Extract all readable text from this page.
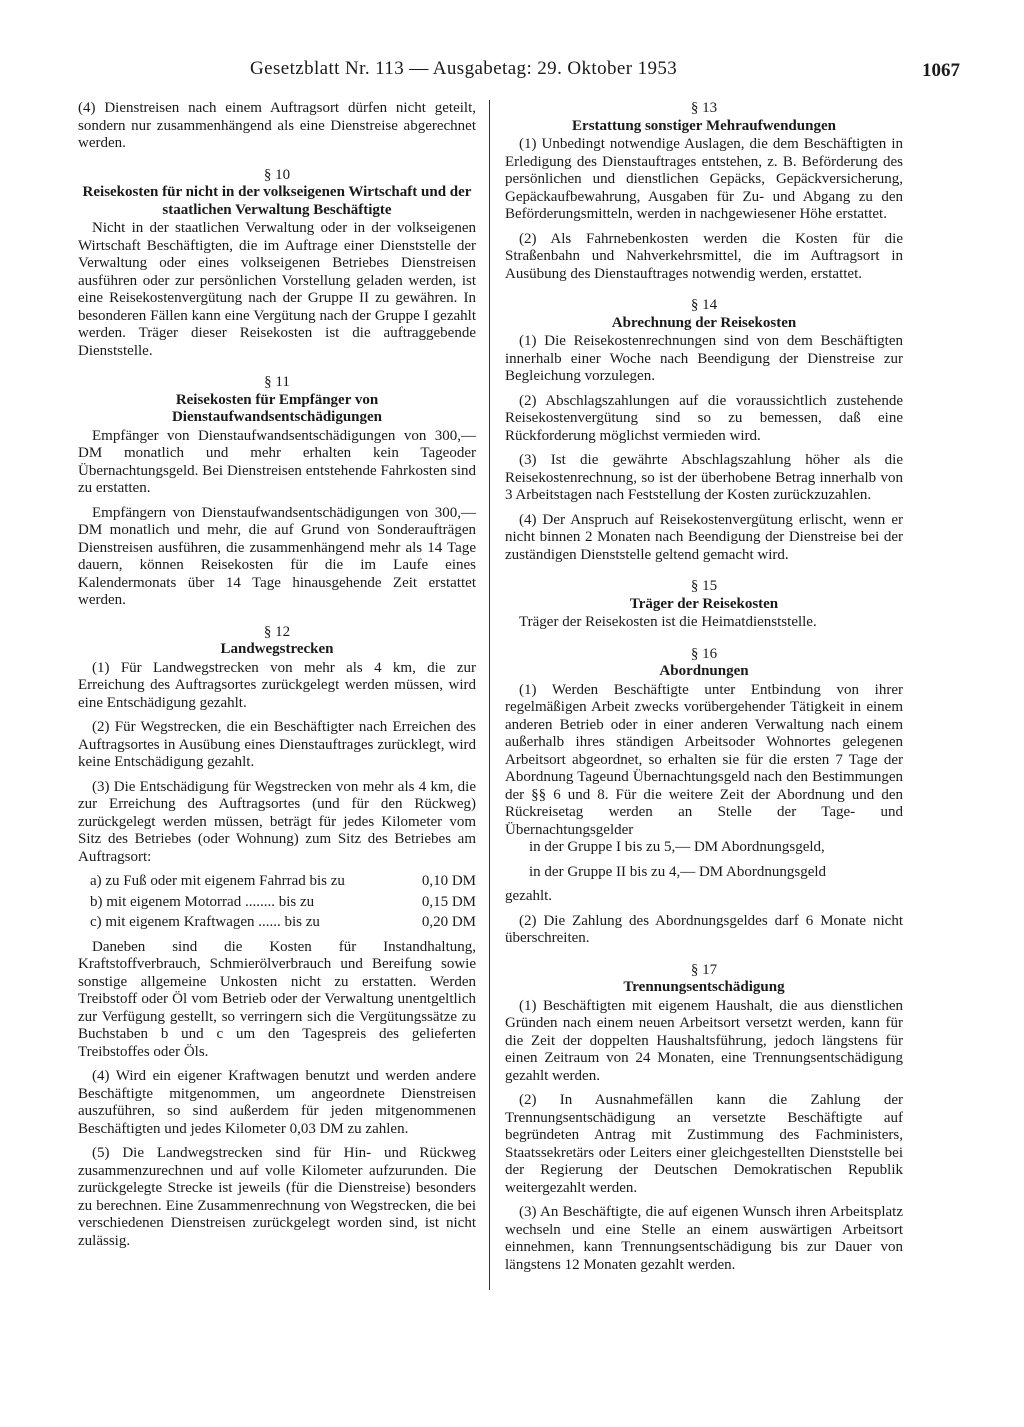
Gesetzblatt Nr. 113 — Ausgabetag: 29. Oktober 1953	1067

(4) Dienstreisen nach einem Auftragsort dürfen nicht geteilt, sondern nur zusammenhängend als eine Dienstreise abgerechnet werden.

§ 10
Reisekosten für nicht in der volkseigenen Wirtschaft und der staatlichen Verwaltung Beschäftigte

Nicht in der staatlichen Verwaltung oder in der volkseigenen Wirtschaft Beschäftigten, die im Auftrage einer Dienststelle der Verwaltung oder eines volkseigenen Betriebes Dienstreisen ausführen oder zur persönlichen Vorstellung geladen werden, ist eine Reisekostenvergütung nach der Gruppe II zu gewähren. In besonderen Fällen kann eine Vergütung nach der Gruppe I gezahlt werden. Träger dieser Reisekosten ist die auftraggebende Dienststelle.

§ 11
Reisekosten für Empfänger von Dienstaufwandsentschädigungen

Empfänger von Dienstaufwandsentschädigungen von 300,— DM monatlich und mehr erhalten kein Tageoder Übernachtungsgeld. Bei Dienstreisen entstehende Fahrkosten sind zu erstatten.

Empfängern von Dienstaufwandsentschädigungen von 300,— DM monatlich und mehr, die auf Grund von Sonderaufträgen Dienstreisen ausführen, die zusammenhängend mehr als 14 Tage dauern, können Reisekosten für die im Laufe eines Kalendermonats über 14 Tage hinausgehende Zeit erstattet werden.

§ 12
Landwegstrecken

(1) Für Landwegstrecken von mehr als 4 km, die zur Erreichung des Auftragsortes zurückgelegt werden müssen, wird eine Entschädigung gezahlt.

(2) Für Wegstrecken, die ein Beschäftigter nach Erreichen des Auftragsortes in Ausübung eines Dienstauftrages zurücklegt, wird keine Entschädigung gezahlt.

(3) Die Entschädigung für Wegstrecken von mehr als 4 km, die zur Erreichung des Auftragsortes (und für den Rückweg) zurückgelegt werden müssen, beträgt für jedes Kilometer vom Sitz des Betriebes (oder Wohnung) zum Sitz des Betriebes am Auftragsort:

a) zu Fuß oder mit eigenem Fahrrad bis zu	0,10 DM
b) mit eigenem Motorrad ........ bis zu	0,15 DM
c) mit eigenem Kraftwagen ...... bis zu	0,20 DM

Daneben sind die Kosten für Instandhaltung, Kraftstoffverbrauch, Schmierölverbrauch und Bereifung sowie sonstige allgemeine Unkosten nicht zu erstatten. Werden Treibstoff oder Öl vom Betrieb oder der Verwaltung unentgeltlich zur Verfügung gestellt, so verringern sich die Vergütungssätze zu Buchstaben b und c um den Tagespreis des gelieferten Treibstoffes oder Öls.

(4) Wird ein eigener Kraftwagen benutzt und werden andere Beschäftigte mitgenommen, um angeordnete Dienstreisen auszuführen, so sind außerdem für jeden mitgenommenen Beschäftigten und jedes Kilometer 0,03 DM zu zahlen.

(5) Die Landwegstrecken sind für Hin- und Rückweg zusammenzurechnen und auf volle Kilometer aufzurunden. Die zurückgelegte Strecke ist jeweils (für die Dienstreise) besonders zu berechnen. Eine Zusammenrechnung von Wegstrecken, die bei verschiedenen Dienstreisen zurückgelegt worden sind, ist nicht zulässig.

§ 13
Erstattung sonstiger Mehraufwendungen

(1) Unbedingt notwendige Auslagen, die dem Beschäftigten in Erledigung des Dienstauftrages entstehen, z. B. Beförderung des persönlichen und dienstlichen Gepäcks, Gepäckversicherung, Gepäckaufbewahrung, Ausgaben für Zu- und Abgang zu den Beförderungsmitteln, werden in nachgewiesener Höhe erstattet.

(2) Als Fahrnebenkosten werden die Kosten für die Straßenbahn und Nahverkehrsmittel, die im Auftragsort in Ausübung des Dienstauftrages notwendig werden, erstattet.

§ 14
Abrechnung der Reisekosten

(1) Die Reisekostenrechnungen sind von dem Beschäftigten innerhalb einer Woche nach Beendigung der Dienstreise zur Begleichung vorzulegen.

(2) Abschlagszahlungen auf die voraussichtlich zustehende Reisekostenvergütung sind so zu bemessen, daß eine Rückforderung möglichst vermieden wird.

(3) Ist die gewährte Abschlagszahlung höher als die Reisekostenrechnung, so ist der überhobene Betrag innerhalb von 3 Arbeitstagen nach Feststellung der Kosten zurückzuzahlen.

(4) Der Anspruch auf Reisekostenvergütung erlischt, wenn er nicht binnen 2 Monaten nach Beendigung der Dienstreise bei der zuständigen Dienststelle geltend gemacht wird.

§ 15
Träger der Reisekosten

Träger der Reisekosten ist die Heimatdienststelle.

§ 16
Abordnungen

(1) Werden Beschäftigte unter Entbindung von ihrer regelmäßigen Arbeit zwecks vorübergehender Tätigkeit in einem anderen Betrieb oder in einer anderen Verwaltung nach einem außerhalb ihres ständigen Arbeitsoder Wohnortes gelegenen Arbeitsort abgeordnet, so erhalten sie für die ersten 7 Tage der Abordnung Tageund Übernachtungsgeld nach den Bestimmungen der §§ 6 und 8. Für die weitere Zeit der Abordnung und den Rückreisetag werden an Stelle der Tage- und Übernachtungsgelder

in der Gruppe I bis zu 5,— DM Abordnungsgeld,

in der Gruppe II bis zu 4,— DM Abordnungsgeld

gezahlt.

(2) Die Zahlung des Abordnungsgeldes darf 6 Monate nicht überschreiten.

§ 17
Trennungsentschädigung

(1) Beschäftigten mit eigenem Haushalt, die aus dienstlichen Gründen nach einem neuen Arbeitsort versetzt werden, kann für die Zeit der doppelten Haushaltsführung, jedoch längstens für einen Zeitraum von 24 Monaten, eine Trennungsentschädigung gezahlt werden.

(2) In Ausnahmefällen kann die Zahlung der Trennungsentschädigung an versetzte Beschäftigte auf begründeten Antrag mit Zustimmung des Fachministers, Staatssekretärs oder Leiters einer gleichgestellten Dienststelle bei der Regierung der Deutschen Demokratischen Republik weitergezahlt werden.

(3) An Beschäftigte, die auf eigenen Wunsch ihren Arbeitsplatz wechseln und eine Stelle an einem auswärtigen Arbeitsort einnehmen, kann Trennungsentschädigung bis zur Dauer von längstens 12 Monaten gezahlt werden.
